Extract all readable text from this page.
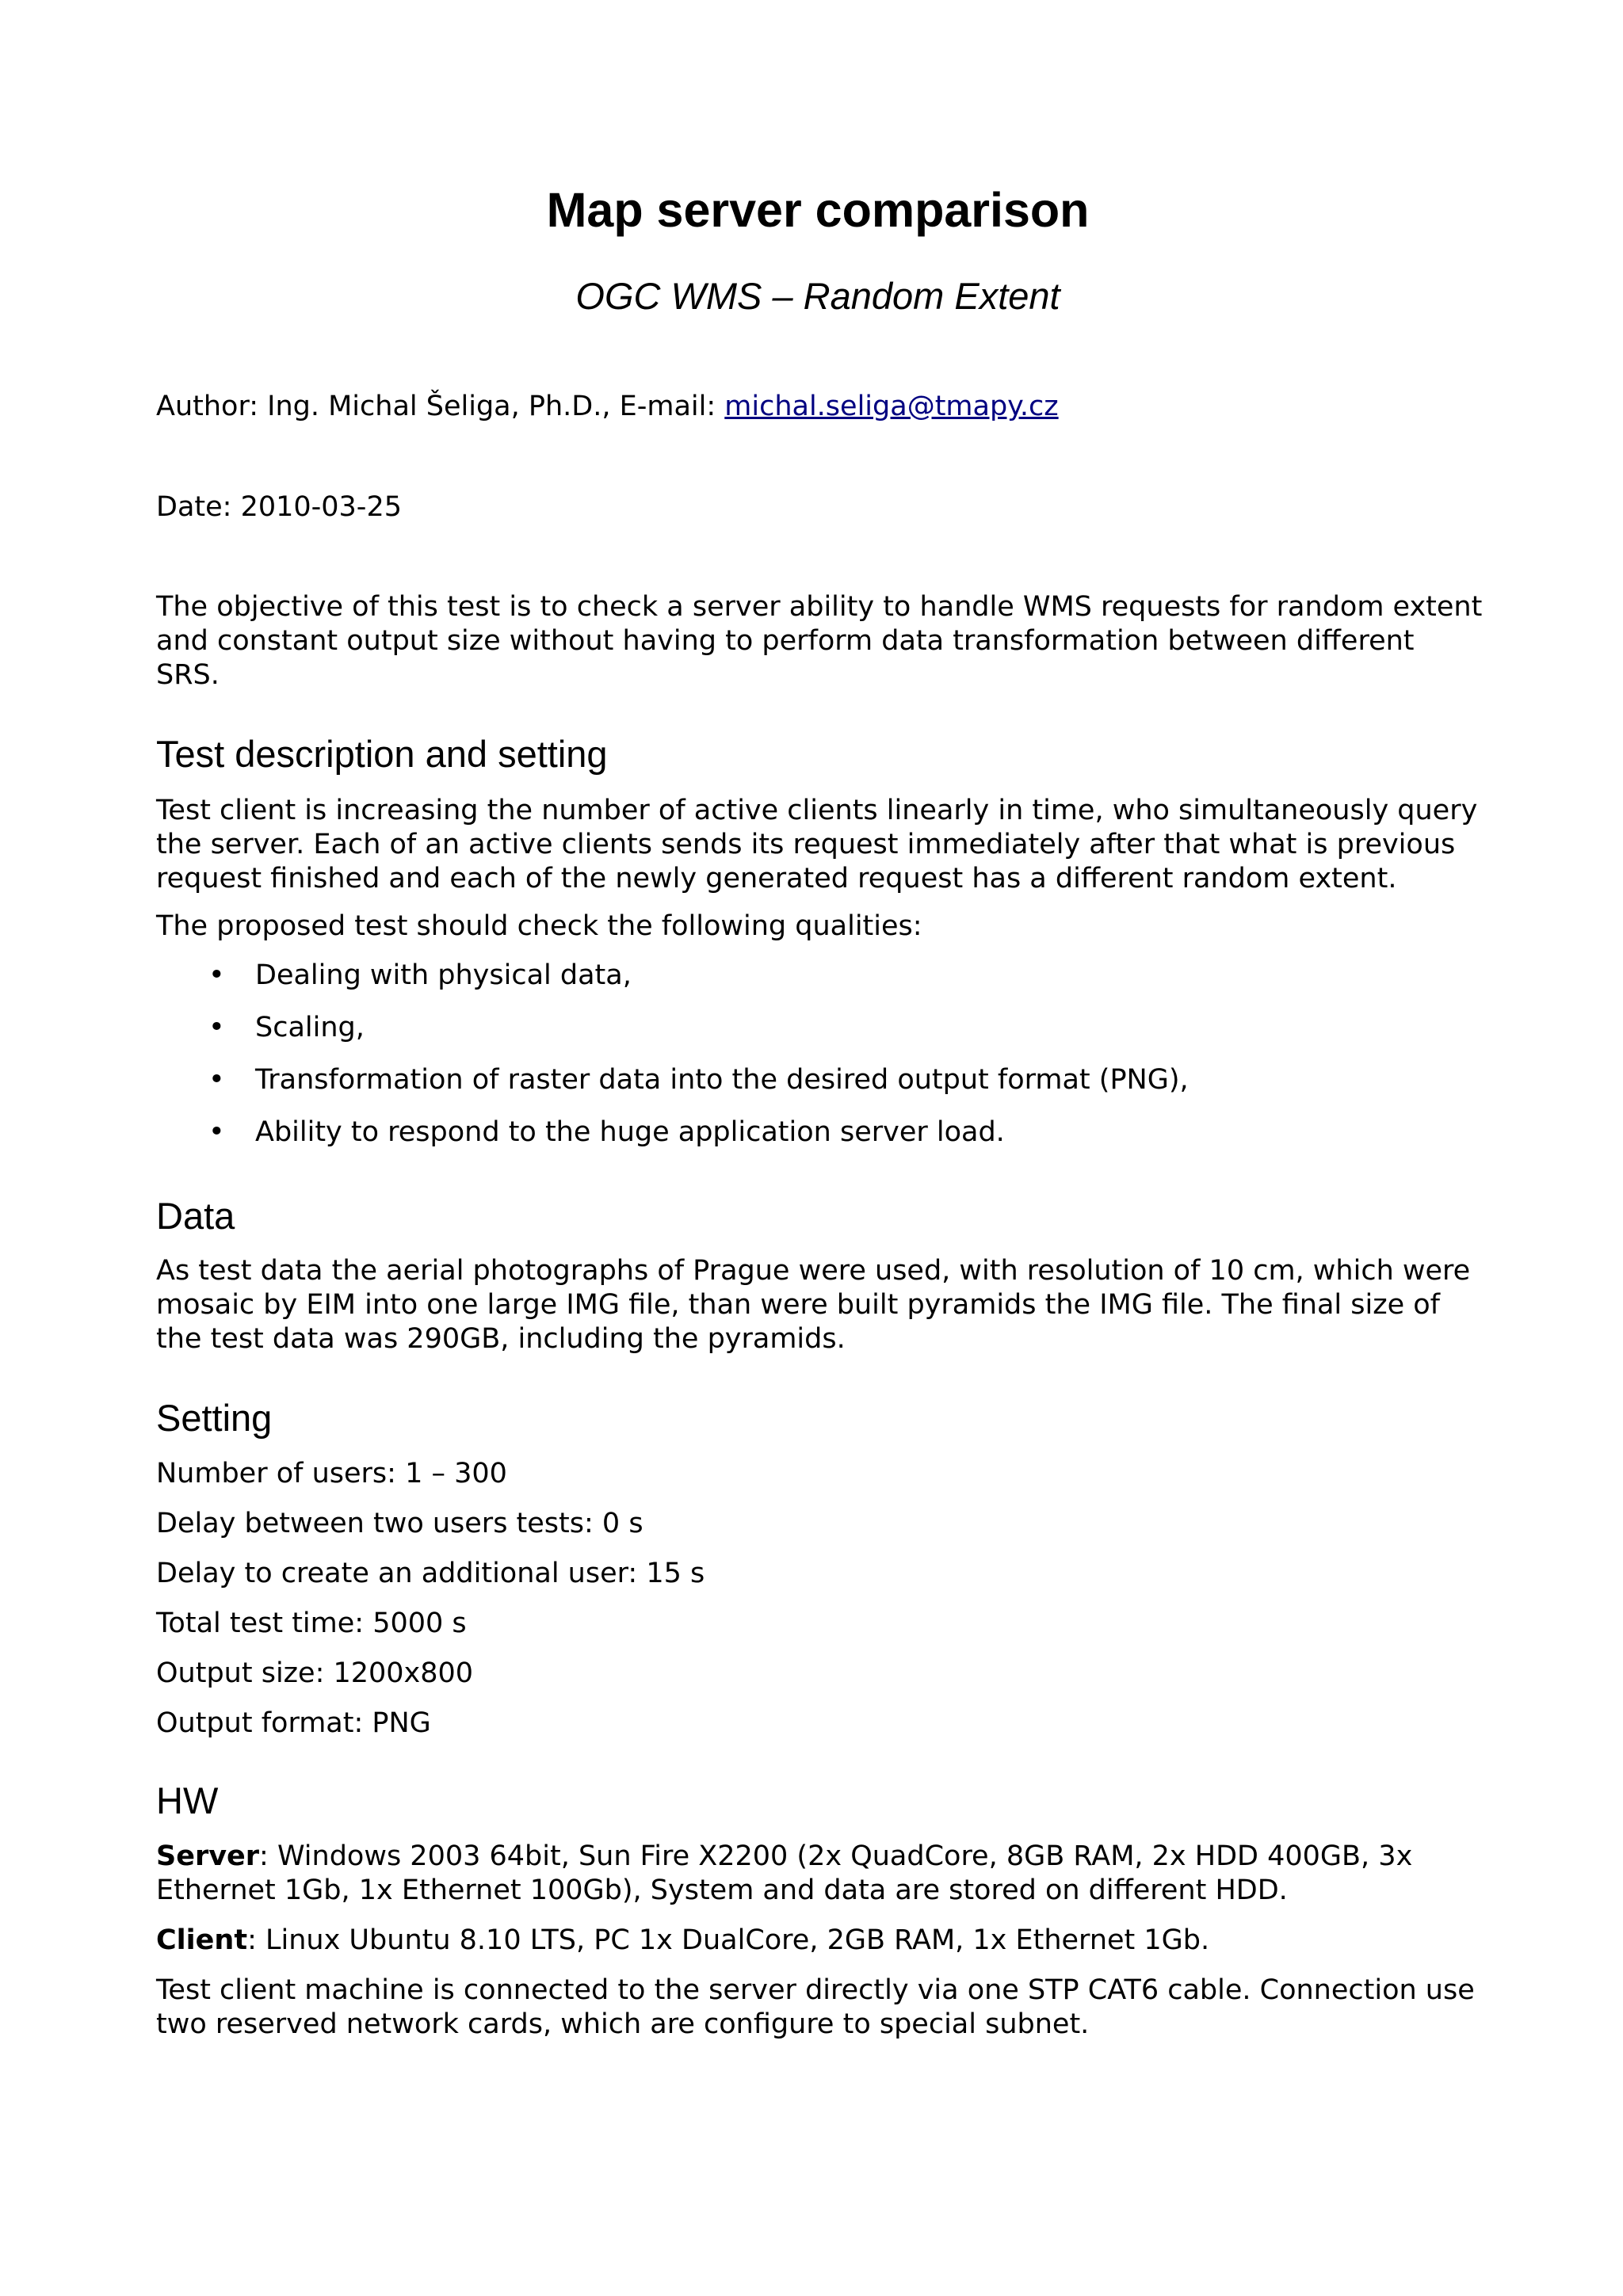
Map server comparison
OGC WMS – Random Extent
Author: Ing. Michal Šeliga, Ph.D., E-mail: michal.seliga@tmapy.cz
Date: 2010-03-25
The objective of this test is to check a server ability to handle WMS requests for random extent
and constant output size without having to perform data transformation between different
SRS.
Test description and setting
Test client is increasing the number of active clients linearly in time, who simultaneously query
the server. Each of an active clients sends its request immediately after that what is previous
request finished and each of the newly generated request has a different random extent.
The proposed test should check the following qualities:
• Dealing with physical data,
• Scaling,
• Transformation of raster data into the desired output format (PNG),
• Ability to respond to the huge application server load.
Data
As test data the aerial photographs of Prague were used, with resolution of 10 cm, which were
mosaic by EIM into one large IMG file, than were built pyramids the IMG file. The final size of
the test data was 290GB, including the pyramids.
Setting
Number of users: 1 – 300
Delay between two users tests: 0 s
Delay to create an additional user: 15 s
Total test time: 5000 s
Output size: 1200x800
Output format: PNG
HW
Server: Windows 2003 64bit, Sun Fire X2200 (2x QuadCore, 8GB RAM, 2x HDD 400GB, 3x
Ethernet 1Gb, 1x Ethernet 100Gb), System and data are stored on different HDD.
Client: Linux Ubuntu 8.10 LTS, PC 1x DualCore, 2GB RAM, 1x Ethernet 1Gb.
Test client machine is connected to the server directly via one STP CAT6 cable. Connection use
two reserved network cards, which are configure to special subnet.
